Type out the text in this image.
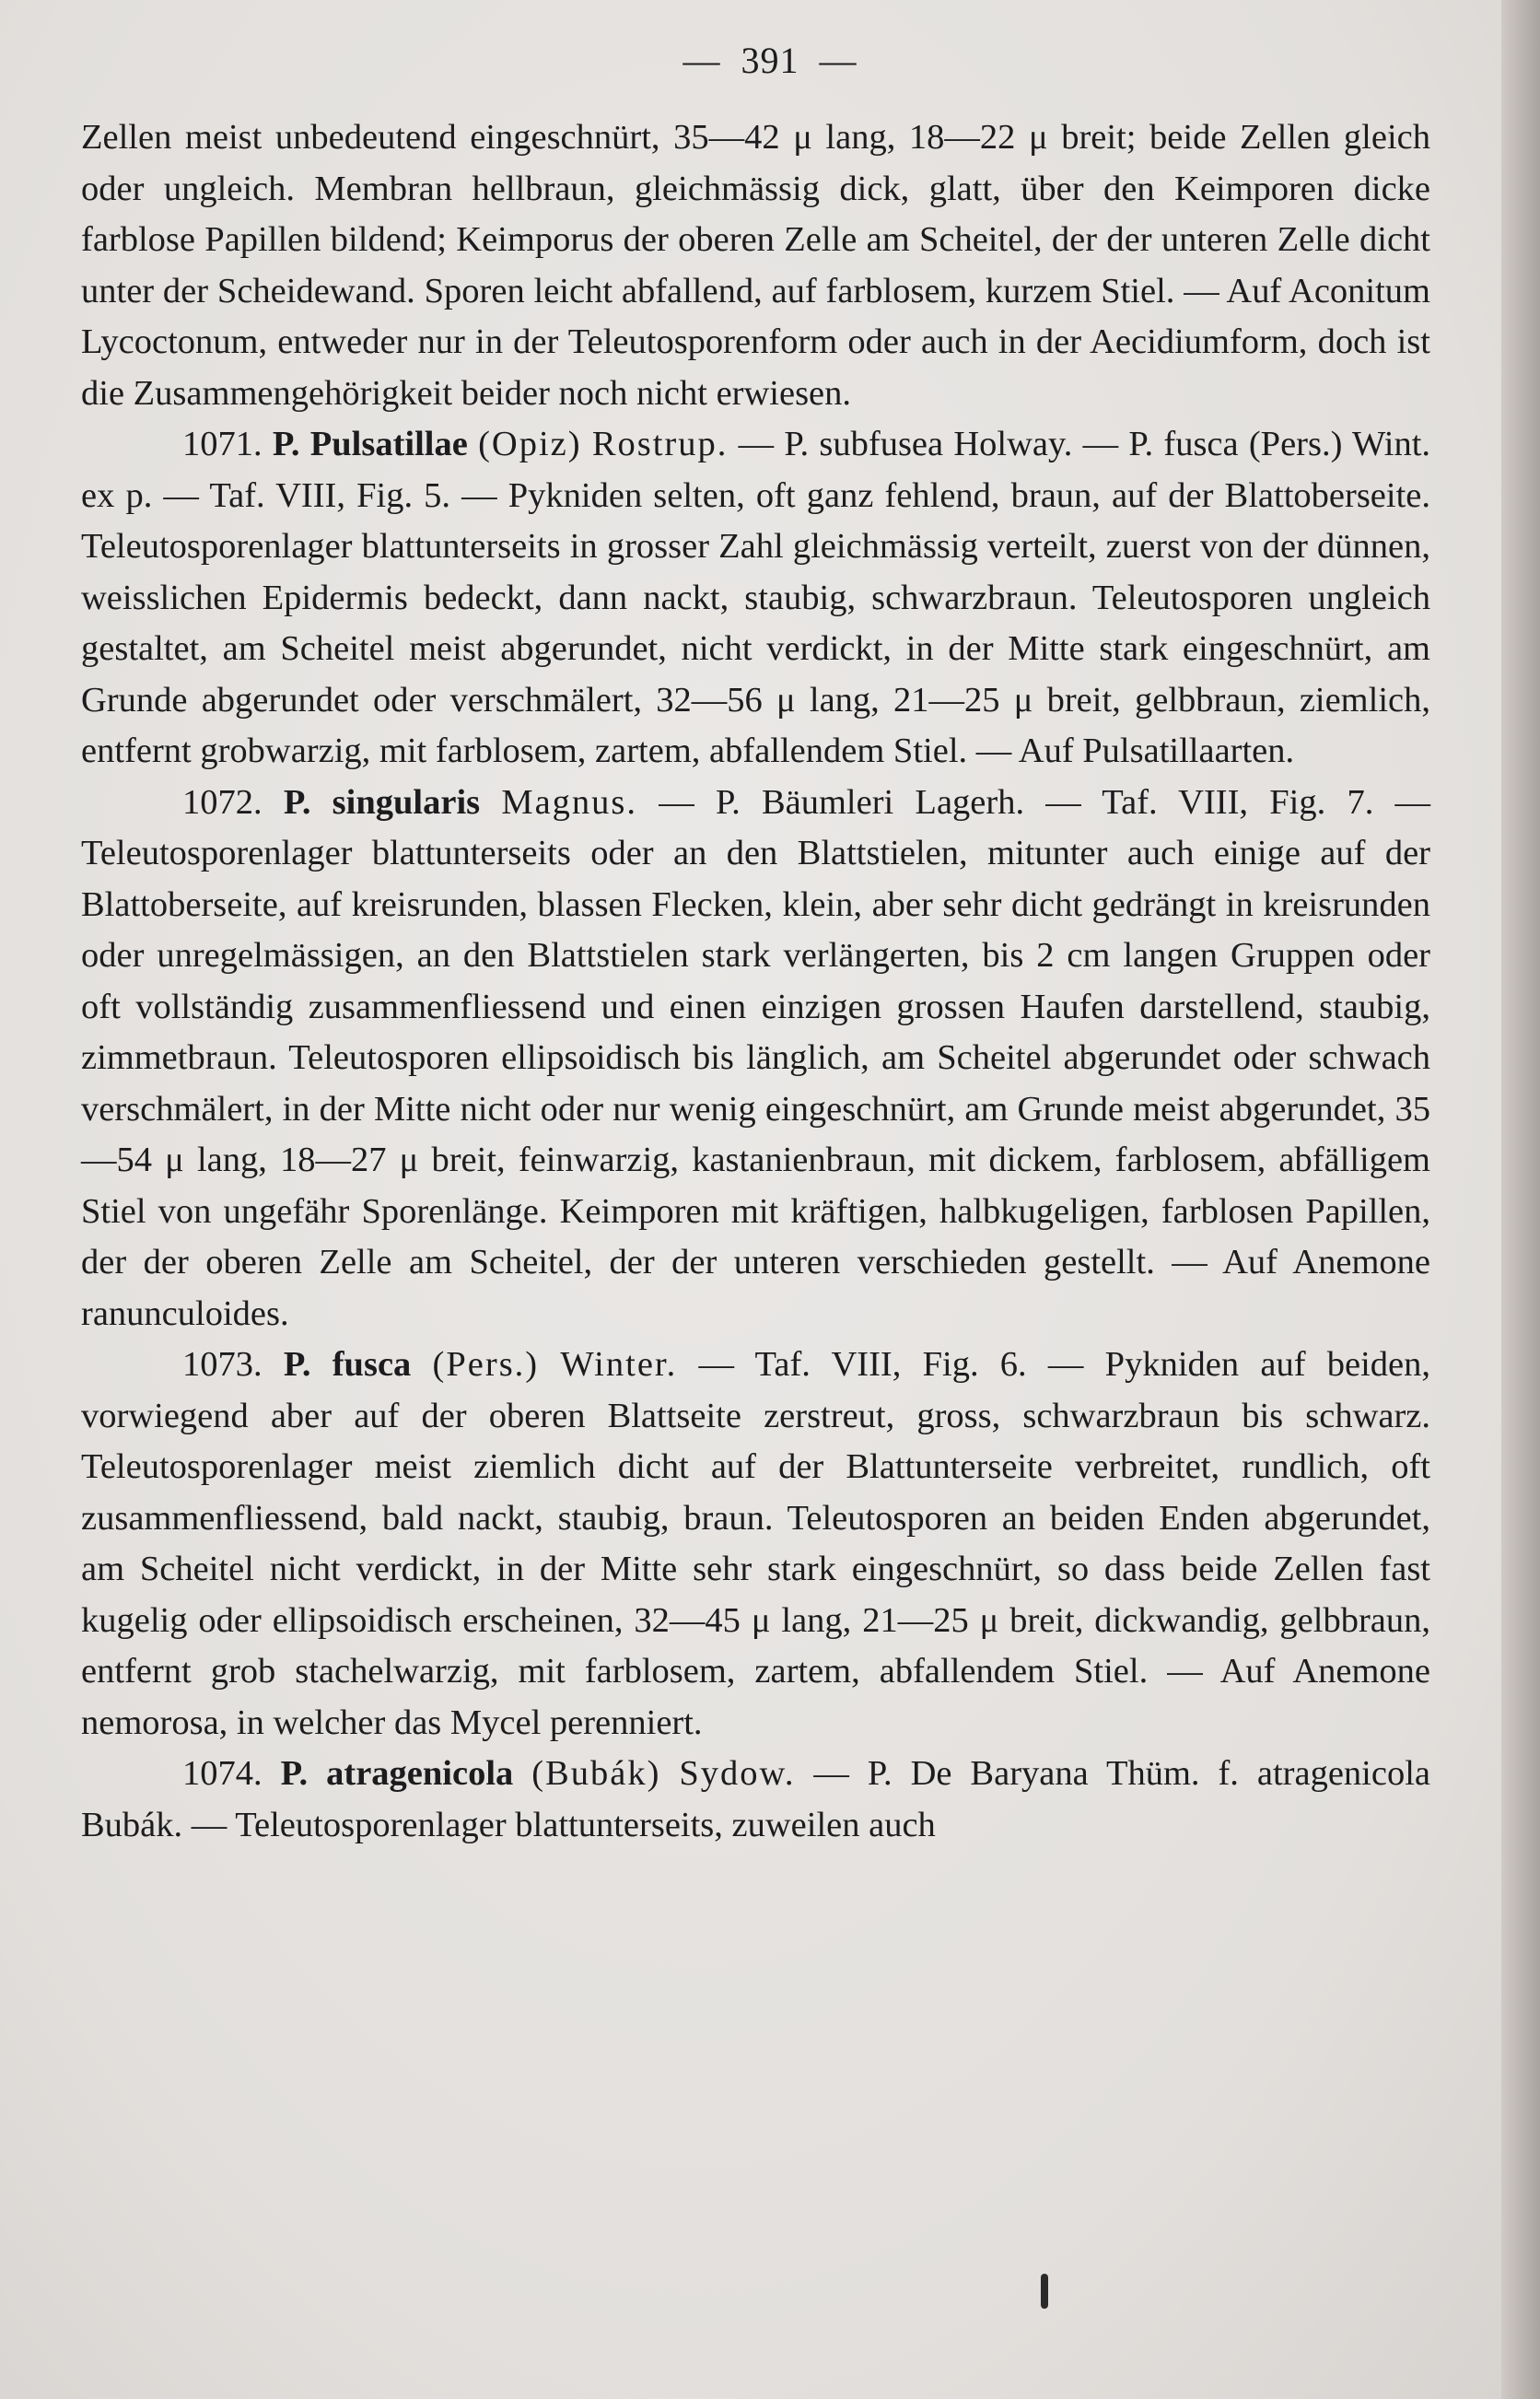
— 391 —

Zellen meist unbedeutend eingeschnürt, 35—42 μ lang, 18—22 μ breit; beide Zellen gleich oder ungleich. Membran hellbraun, gleichmässig dick, glatt, über den Keimporen dicke farblose Papillen bildend; Keimporus der oberen Zelle am Scheitel, der der unteren Zelle dicht unter der Scheidewand. Sporen leicht abfallend, auf farblosem, kurzem Stiel. — Auf Aconitum Lycoctonum, entweder nur in der Teleutosporenform oder auch in der Aecidiumform, doch ist die Zusammengehörigkeit beider noch nicht erwiesen.

1071. P. Pulsatillae (Opiz) Rostrup. — P. subfusea Holway. — P. fusca (Pers.) Wint. ex p. — Taf. VIII, Fig. 5. — Pykniden selten, oft ganz fehlend, braun, auf der Blattoberseite. Teleutosporenlager blattunterseits in grosser Zahl gleichmässig verteilt, zuerst von der dünnen, weisslichen Epidermis bedeckt, dann nackt, staubig, schwarzbraun. Teleutosporen ungleich gestaltet, am Scheitel meist abgerundet, nicht verdickt, in der Mitte stark eingeschnürt, am Grunde abgerundet oder verschmälert, 32—56 μ lang, 21—25 μ breit, gelbbraun, ziemlich, entfernt grobwarzig, mit farblosem, zartem, abfallendem Stiel. — Auf Pulsatillaarten.

1072. P. singularis Magnus. — P. Bäumleri Lagerh. — Taf. VIII, Fig. 7. — Teleutosporenlager blattunterseits oder an den Blattstielen, mitunter auch einige auf der Blattoberseite, auf kreisrunden, blassen Flecken, klein, aber sehr dicht gedrängt in kreisrunden oder unregelmässigen, an den Blattstielen stark verlängerten, bis 2 cm langen Gruppen oder oft vollständig zusammenfliessend und einen einzigen grossen Haufen darstellend, staubig, zimmetbraun. Teleutosporen ellipsoidisch bis länglich, am Scheitel abgerundet oder schwach verschmälert, in der Mitte nicht oder nur wenig eingeschnürt, am Grunde meist abgerundet, 35—54 μ lang, 18—27 μ breit, feinwarzig, kastanienbraun, mit dickem, farblosem, abfälligem Stiel von ungefähr Sporenlänge. Keimporen mit kräftigen, halbkugeligen, farblosen Papillen, der der oberen Zelle am Scheitel, der der unteren verschieden gestellt. — Auf Anemone ranunculoides.

1073. P. fusca (Pers.) Winter. — Taf. VIII, Fig. 6. — Pykniden auf beiden, vorwiegend aber auf der oberen Blattseite zerstreut, gross, schwarzbraun bis schwarz. Teleutosporenlager meist ziemlich dicht auf der Blattunterseite verbreitet, rundlich, oft zusammenfliessend, bald nackt, staubig, braun. Teleutosporen an beiden Enden abgerundet, am Scheitel nicht verdickt, in der Mitte sehr stark eingeschnürt, so dass beide Zellen fast kugelig oder ellipsoidisch erscheinen, 32—45 μ lang, 21—25 μ breit, dickwandig, gelbbraun, entfernt grob stachelwarzig, mit farblosem, zartem, abfallendem Stiel. — Auf Anemone nemorosa, in welcher das Mycel perenniert.

1074. P. atragenicola (Bubák) Sydow. — P. De Baryana Thüm. f. atragenicola Bubák. — Teleutosporenlager blattunterseits, zuweilen auch
